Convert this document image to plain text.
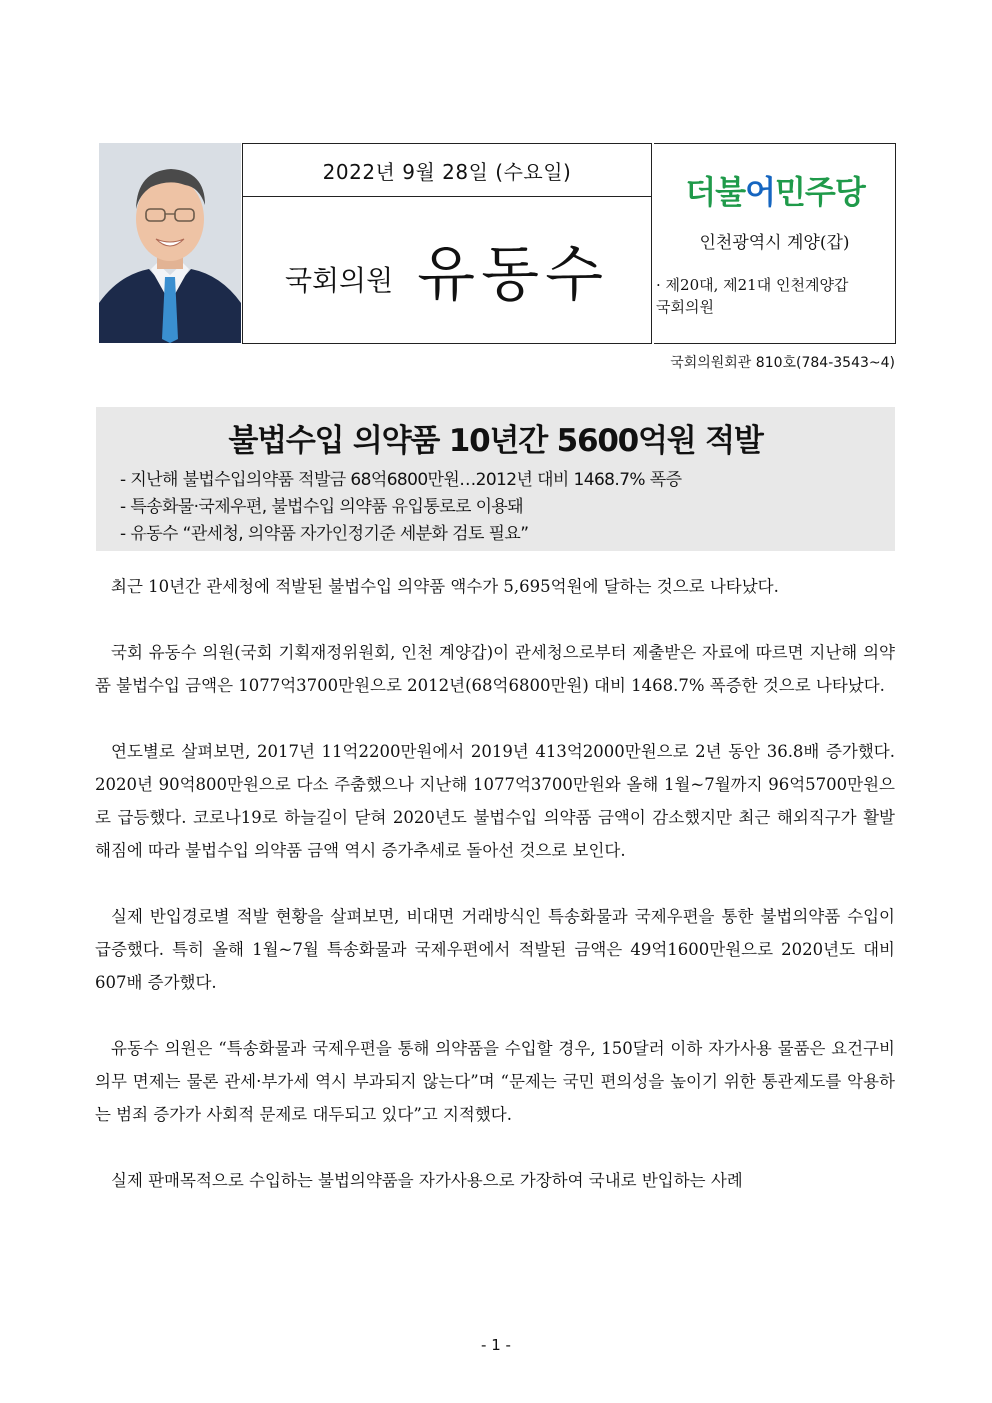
2022년 9월 28일 (수요일)
국회의원 유동수
더불어민주당
인천광역시 계양(갑)
· 제20대, 제21대 인천계양갑
국회의원
국회의원회관 810호(784-3543~4)
불법수입 의약품 10년간 5600억원 적발
- 지난해 불법수입의약품 적발금 68억6800만원…2012년 대비 1468.7% 폭증
- 특송화물·국제우편, 불법수입 의약품 유입통로로 이용돼
- 유동수 “관세청, 의약품 자가인정기준 세분화 검토 필요”

최근 10년간 관세청에 적발된 불법수입 의약품 액수가 5,695억원에 달하는 것으로 나타났다.

국회 유동수 의원(국회 기획재정위원회, 인천 계양갑)이 관세청으로부터 제출받은 자료에 따르면 지난해 의약품 불법수입 금액은 1077억3700만원으로 2012년(68억6800만원) 대비 1468.7% 폭증한 것으로 나타났다.

연도별로 살펴보면, 2017년 11억2200만원에서 2019년 413억2000만원으로 2년 동안 36.8배 증가했다. 2020년 90억800만원으로 다소 주춤했으나 지난해 1077억3700만원와 올해 1월~7월까지 96억5700만원으로 급등했다. 코로나19로 하늘길이 닫혀 2020년도 불법수입 의약품 금액이 감소했지만 최근 해외직구가 활발해짐에 따라 불법수입 의약품 금액 역시 증가추세로 돌아선 것으로 보인다.

실제 반입경로별 적발 현황을 살펴보면, 비대면 거래방식인 특송화물과 국제우편을 통한 불법의약품 수입이 급증했다. 특히 올해 1월~7월 특송화물과 국제우편에서 적발된 금액은 49억1600만원으로 2020년도 대비 607배 증가했다.

유동수 의원은 “특송화물과 국제우편을 통해 의약품을 수입할 경우, 150달러 이하 자가사용 물품은 요건구비 의무 면제는 물론 관세·부가세 역시 부과되지 않는다”며 “문제는 국민 편의성을 높이기 위한 통관제도를 악용하는 범죄 증가가 사회적 문제로 대두되고 있다”고 지적했다.

실제 판매목적으로 수입하는 불법의약품을 자가사용으로 가장하여 국내로 반입하는 사례

- 1 -
